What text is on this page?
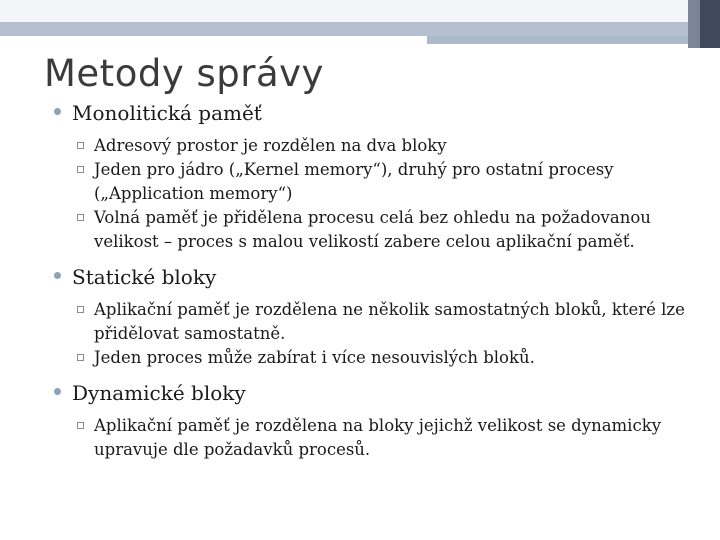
Metody správy
Monolitická paměť
Adresový prostor je rozdělen na dva bloky
Jeden pro jádro („Kernel memory“), druhý pro ostatní procesy („Application memory“)
Volná paměť je přidělena procesu celá bez ohledu na požadovanou velikost – proces s malou velikostí zabere celou aplikační paměť.
Statické bloky
Aplikační paměť je rozdělena ne několik samostatných bloků, které lze přidělovat samostatně.
Jeden proces může zabírat i více nesouvislých bloků.
Dynamické bloky
Aplikační paměť je rozdělena na bloky jejichž velikost se dynamicky upravuje dle požadavků procesů.
